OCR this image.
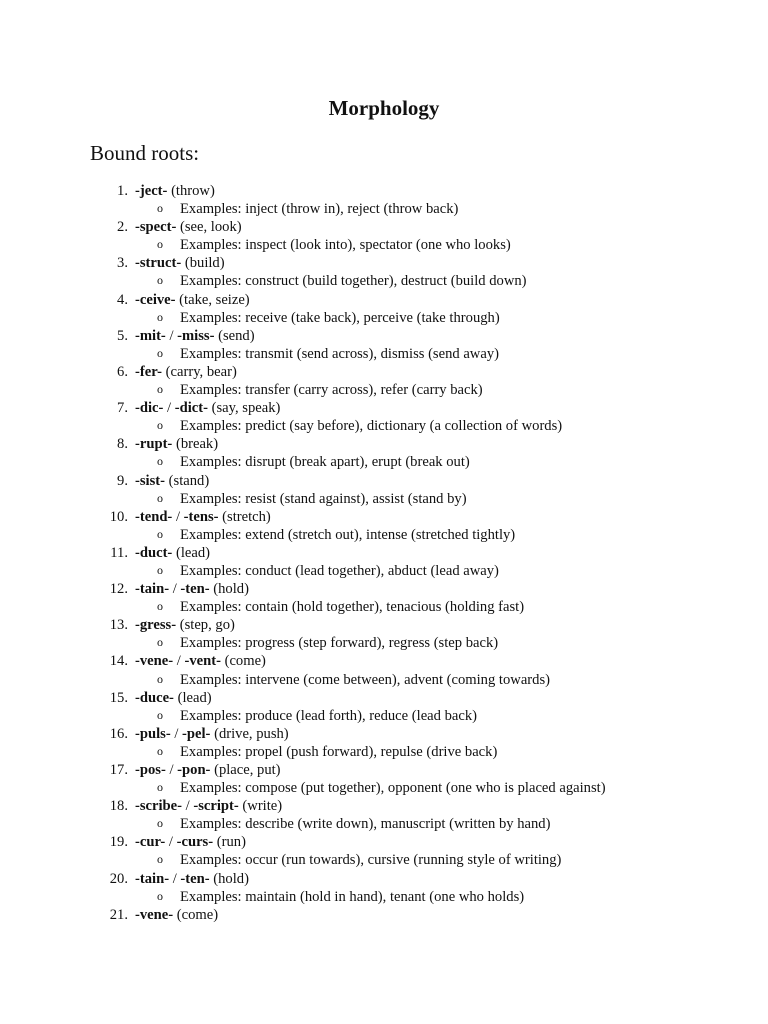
Morphology
Bound roots:
1. -ject- (throw)
o Examples: inject (throw in), reject (throw back)
2. -spect- (see, look)
o Examples: inspect (look into), spectator (one who looks)
3. -struct- (build)
o Examples: construct (build together), destruct (build down)
4. -ceive- (take, seize)
o Examples: receive (take back), perceive (take through)
5. -mit- / -miss- (send)
o Examples: transmit (send across), dismiss (send away)
6. -fer- (carry, bear)
o Examples: transfer (carry across), refer (carry back)
7. -dic- / -dict- (say, speak)
o Examples: predict (say before), dictionary (a collection of words)
8. -rupt- (break)
o Examples: disrupt (break apart), erupt (break out)
9. -sist- (stand)
o Examples: resist (stand against), assist (stand by)
10. -tend- / -tens- (stretch)
o Examples: extend (stretch out), intense (stretched tightly)
11. -duct- (lead)
o Examples: conduct (lead together), abduct (lead away)
12. -tain- / -ten- (hold)
o Examples: contain (hold together), tenacious (holding fast)
13. -gress- (step, go)
o Examples: progress (step forward), regress (step back)
14. -vene- / -vent- (come)
o Examples: intervene (come between), advent (coming towards)
15. -duce- (lead)
o Examples: produce (lead forth), reduce (lead back)
16. -puls- / -pel- (drive, push)
o Examples: propel (push forward), repulse (drive back)
17. -pos- / -pon- (place, put)
o Examples: compose (put together), opponent (one who is placed against)
18. -scribe- / -script- (write)
o Examples: describe (write down), manuscript (written by hand)
19. -cur- / -curs- (run)
o Examples: occur (run towards), cursive (running style of writing)
20. -tain- / -ten- (hold)
o Examples: maintain (hold in hand), tenant (one who holds)
21. -vene- (come)
